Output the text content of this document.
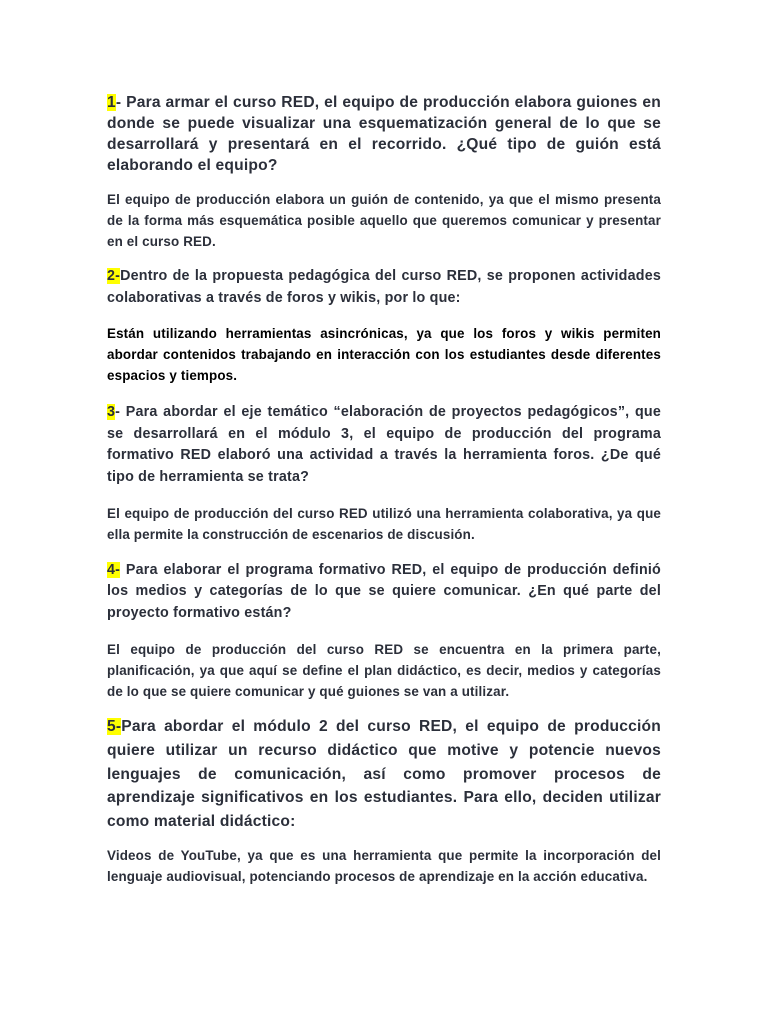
1- Para armar el curso RED, el equipo de producción elabora guiones en donde se puede visualizar una esquematización general de lo que se desarrollará y presentará en el recorrido. ¿Qué tipo de guión está elaborando el equipo?

El equipo de producción elabora un guión de contenido, ya que el mismo presenta de la forma más esquemática posible aquello que queremos comunicar y presentar en el curso RED.

2-Dentro de la propuesta pedagógica del curso RED, se proponen actividades colaborativas a través de foros y wikis, por lo que:

Están utilizando herramientas asincrónicas, ya que los foros y wikis permiten abordar contenidos trabajando en interacción con los estudiantes desde diferentes espacios y tiempos.

3- Para abordar el eje temático “elaboración de proyectos pedagógicos”, que se desarrollará en el módulo 3, el equipo de producción del programa formativo RED elaboró una actividad a través la herramienta foros. ¿De qué tipo de herramienta se trata?

El equipo de producción del curso RED utilizó una herramienta colaborativa, ya que ella permite la construcción de escenarios de discusión.

4- Para elaborar el programa formativo RED, el equipo de producción definió los medios y categorías de lo que se quiere comunicar. ¿En qué parte del proyecto formativo están?

El equipo de producción del curso RED se encuentra en la primera parte, planificación, ya que aquí se define el plan didáctico, es decir, medios y categorías de lo que se quiere comunicar y qué guiones se van a utilizar.

5-Para abordar el módulo 2 del curso RED, el equipo de producción quiere utilizar un recurso didáctico que motive y potencie nuevos lenguajes de comunicación, así como promover procesos de aprendizaje significativos en los estudiantes. Para ello, deciden utilizar como material didáctico:

Videos de YouTube, ya que es una herramienta que permite la incorporación del lenguaje audiovisual, potenciando procesos de aprendizaje en la acción educativa.
